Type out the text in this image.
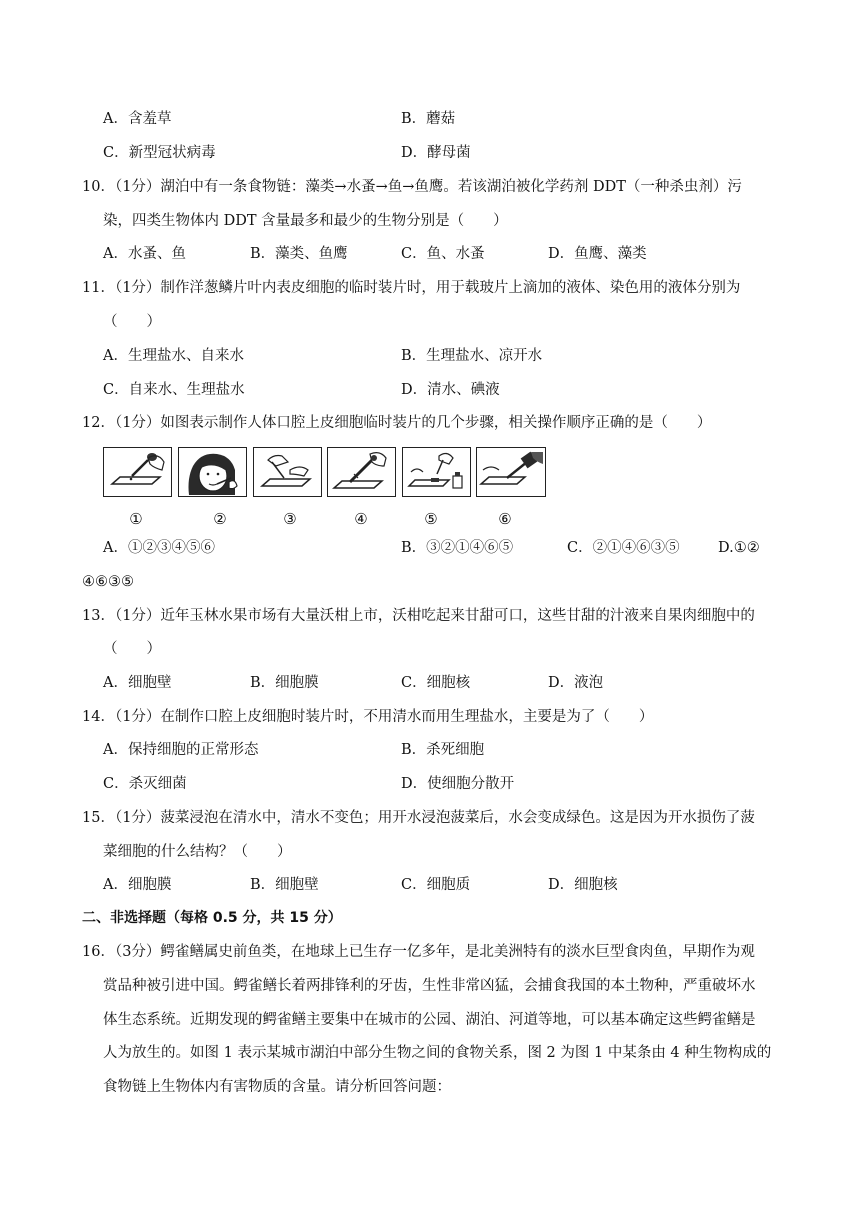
A．含羞草	B．蘑菇
C．新型冠状病毒	D．酵母菌
10．（1分）湖泊中有一条食物链：藻类→水蚤→鱼→鱼鹰。若该湖泊被化学药剂 DDT（一种杀虫剂）污
染，四类生物体内 DDT 含量最多和最少的生物分别是（　　）
A．水蚤、鱼	B．藻类、鱼鹰	C．鱼、水蚤	D．鱼鹰、藻类
11．（1分）制作洋葱鳞片叶内表皮细胞的临时装片时，用于载玻片上滴加的液体、染色用的液体分别为
（　　）
A．生理盐水、自来水	B．生理盐水、凉开水
C．自来水、生理盐水	D．清水、碘液
12．（1分）如图表示制作人体口腔上皮细胞临时装片的几个步骤，相关操作顺序正确的是（　　）
①	②	③	④	⑤	⑥
A．①②③④⑤⑥	B．③②①④⑥⑤	C．②①④⑥③⑤	D.①②
④⑥③⑤
13．（1分）近年玉林水果市场有大量沃柑上市，沃柑吃起来甘甜可口，这些甘甜的汁液来自果肉细胞中的
（　　）
A．细胞壁	B．细胞膜	C．细胞核	D．液泡
14．（1分）在制作口腔上皮细胞时装片时，不用清水而用生理盐水，主要是为了（　　）
A．保持细胞的正常形态	B．杀死细胞
C．杀灭细菌	D．使细胞分散开
15．（1分）菠菜浸泡在清水中，清水不变色；用开水浸泡菠菜后，水会变成绿色。这是因为开水损伤了菠
菜细胞的什么结构？（　　）
A．细胞膜	B．细胞壁	C．细胞质	D．细胞核
二、非选择题（每格 0.5 分，共 15 分）
16．（3分）鳄雀鳝属史前鱼类，在地球上已生存一亿多年，是北美洲特有的淡水巨型食肉鱼，早期作为观
赏品种被引进中国。鳄雀鳝长着两排锋利的牙齿，生性非常凶猛，会捕食我国的本土物种，严重破坏水
体生态系统。近期发现的鳄雀鳝主要集中在城市的公园、湖泊、河道等地，可以基本确定这些鳄雀鳝是
人为放生的。如图 1 表示某城市湖泊中部分生物之间的食物关系，图 2 为图 1 中某条由 4 种生物构成的
食物链上生物体内有害物质的含量。请分析回答问题：
